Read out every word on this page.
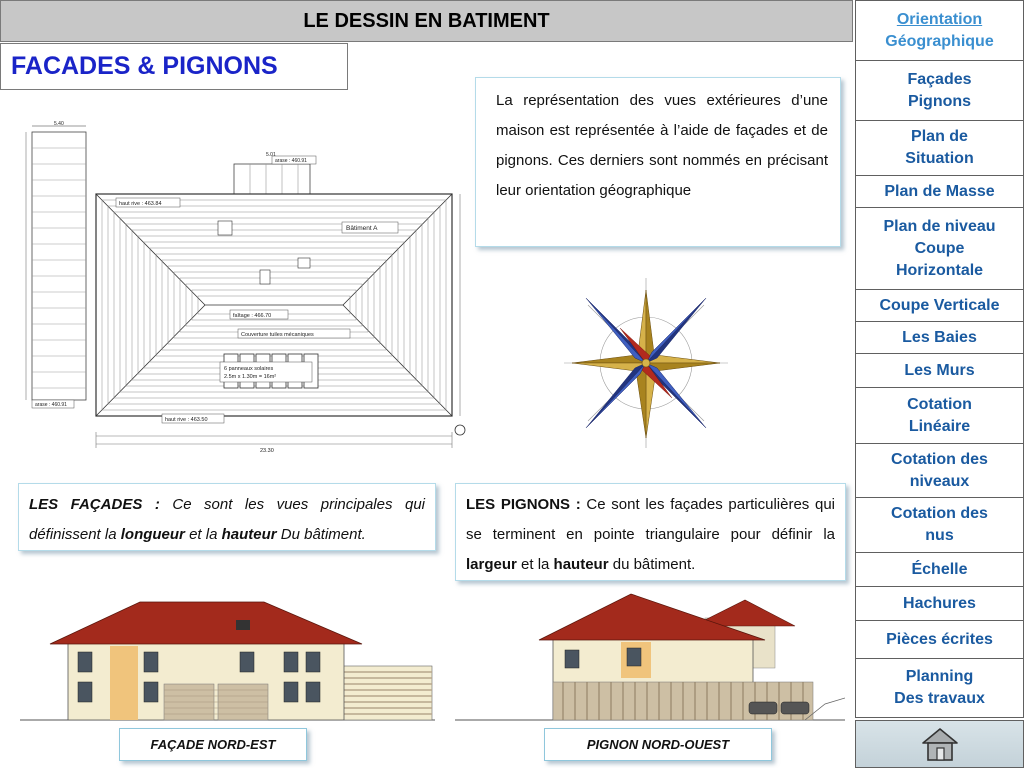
LE DESSIN EN BATIMENT
FACADES & PIGNONS
Bâtiment A
haut rive : 463.84
faîtage : 466.70
Couverture tuiles mécaniques
6 panneaux solaires
2.5m x 1.30m = 16m²
haut rive : 463.50
arase : 460.91
arase : 460.91
5.40
5.01
23.30
La représentation des vues extérieures d’une maison est représentée à l’aide de façades et de pignons. Ces derniers sont nommés en précisant leur orientation géographique
LES FAÇADES : Ce sont les vues principales qui définissent la longueur et la hauteur Du bâtiment.
LES PIGNONS : Ce sont les façades particulières qui se terminent en pointe triangulaire pour définir la largeur et la hauteur du bâtiment.
FAÇADE NORD-EST	PIGNON NORD-OUEST
Orientation
Géographique
Façades
Pignons
Plan de
Situation
Plan de Masse
Plan de niveau
Coupe Horizontale
Coupe Verticale
Les Baies
Les Murs
Cotation
Linéaire
Cotation des
niveaux
Cotation des
nus
Échelle
Hachures
Pièces écrites
Planning
Des travaux
